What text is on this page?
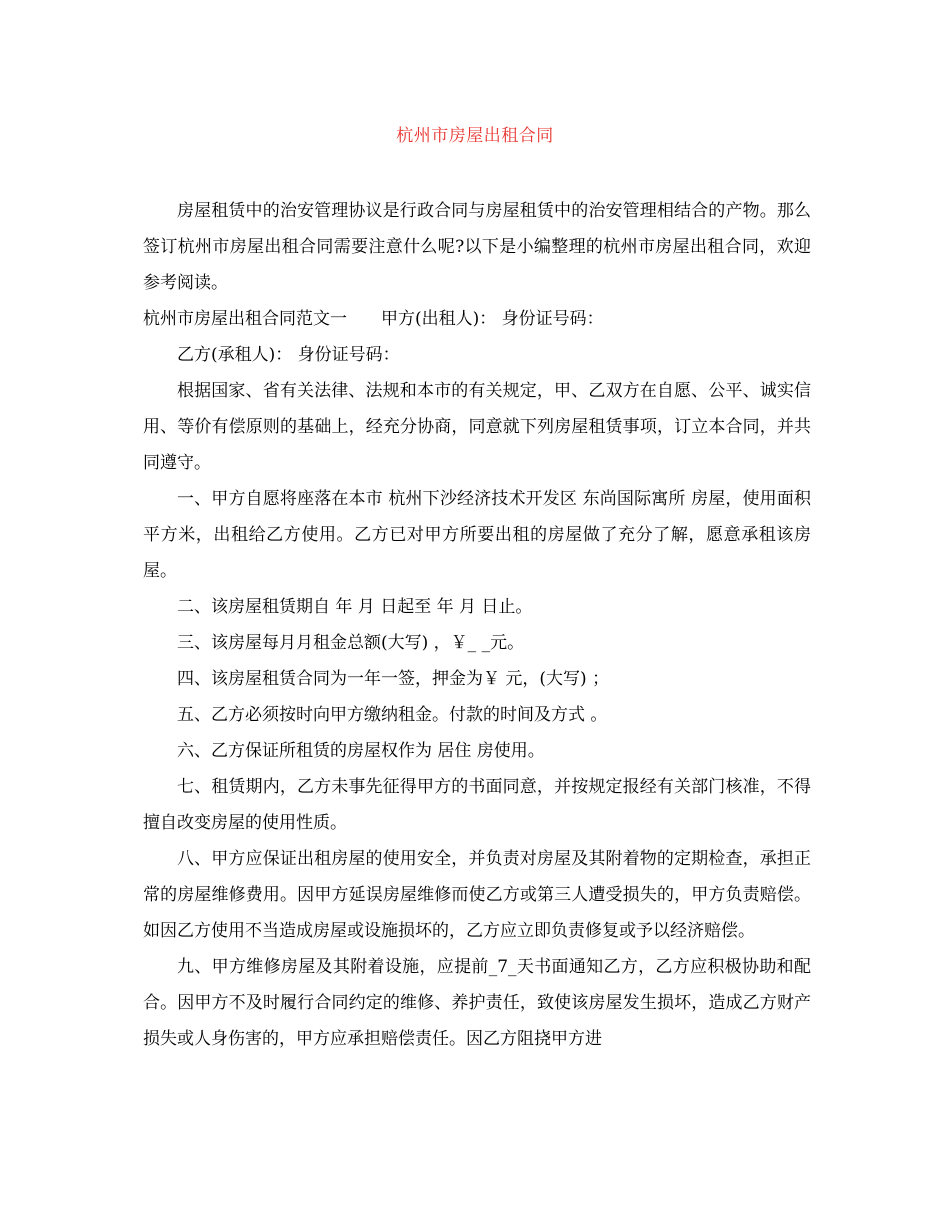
杭州市房屋出租合同

房屋租赁中的治安管理协议是行政合同与房屋租赁中的治安管理相结合的产物。那么签订杭州市房屋出租合同需要注意什么呢?以下是小编整理的杭州市房屋出租合同，欢迎参考阅读。

杭州市房屋出租合同范文一 甲方(出租人)： 身份证号码：

乙方(承租人)： 身份证号码：

根据国家、省有关法律、法规和本市的有关规定，甲、乙双方在自愿、公平、诚实信用、等价有偿原则的基础上，经充分协商，同意就下列房屋租赁事项，订立本合同，并共同遵守。

一、甲方自愿将座落在本市 杭州下沙经济技术开发区 东尚国际寓所 房屋，使用面积 平方米，出租给乙方使用。乙方已对甲方所要出租的房屋做了充分了解，愿意承租该房屋。

二、该房屋租赁期自 年 月 日起至 年 月 日止。

三、该房屋每月月租金总额(大写) ，￥_ _元。

四、该房屋租赁合同为一年一签，押金为￥ 元，(大写) ；

五、乙方必须按时向甲方缴纳租金。付款的时间及方式 。

六、乙方保证所租赁的房屋权作为 居住 房使用。

七、租赁期内，乙方未事先征得甲方的书面同意，并按规定报经有关部门核准，不得擅自改变房屋的使用性质。

八、甲方应保证出租房屋的使用安全，并负责对房屋及其附着物的定期检查，承担正常的房屋维修费用。因甲方延误房屋维修而使乙方或第三人遭受损失的，甲方负责赔偿。如因乙方使用不当造成房屋或设施损坏的，乙方应立即负责修复或予以经济赔偿。

九、甲方维修房屋及其附着设施，应提前_7_天书面通知乙方，乙方应积极协助和配合。因甲方不及时履行合同约定的维修、养护责任，致使该房屋发生损坏，造成乙方财产损失或人身伤害的，甲方应承担赔偿责任。因乙方阻挠甲方进
